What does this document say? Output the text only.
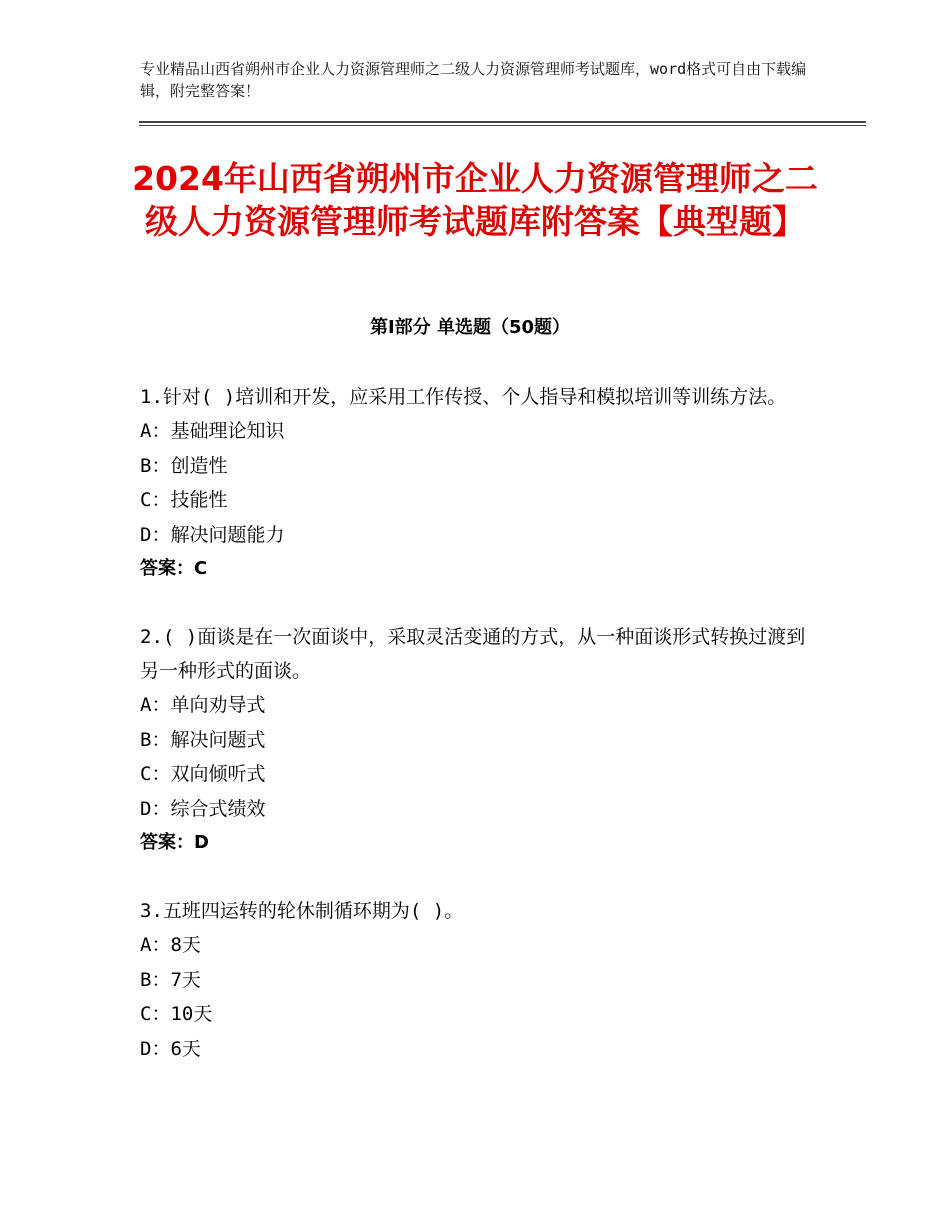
专业精品山西省朔州市企业人力资源管理师之二级人力资源管理师考试题库，word格式可自由下载编辑，附完整答案！
2024年山西省朔州市企业人力资源管理师之二级人力资源管理师考试题库附答案【典型题】
第Ⅰ部分 单选题（50题）

1.针对( )培训和开发，应采用工作传授、个人指导和模拟培训等训练方法。

A：基础理论知识

B：创造性

C：技能性

D：解决问题能力

答案：C

2.( )面谈是在一次面谈中，采取灵活变通的方式，从一种面谈形式转换过渡到另一种形式的面谈。

A：单向劝导式

B：解决问题式

C：双向倾听式

D：综合式绩效

答案：D

3.五班四运转的轮休制循环期为( )。

A：8天

B：7天

C：10天

D：6天
